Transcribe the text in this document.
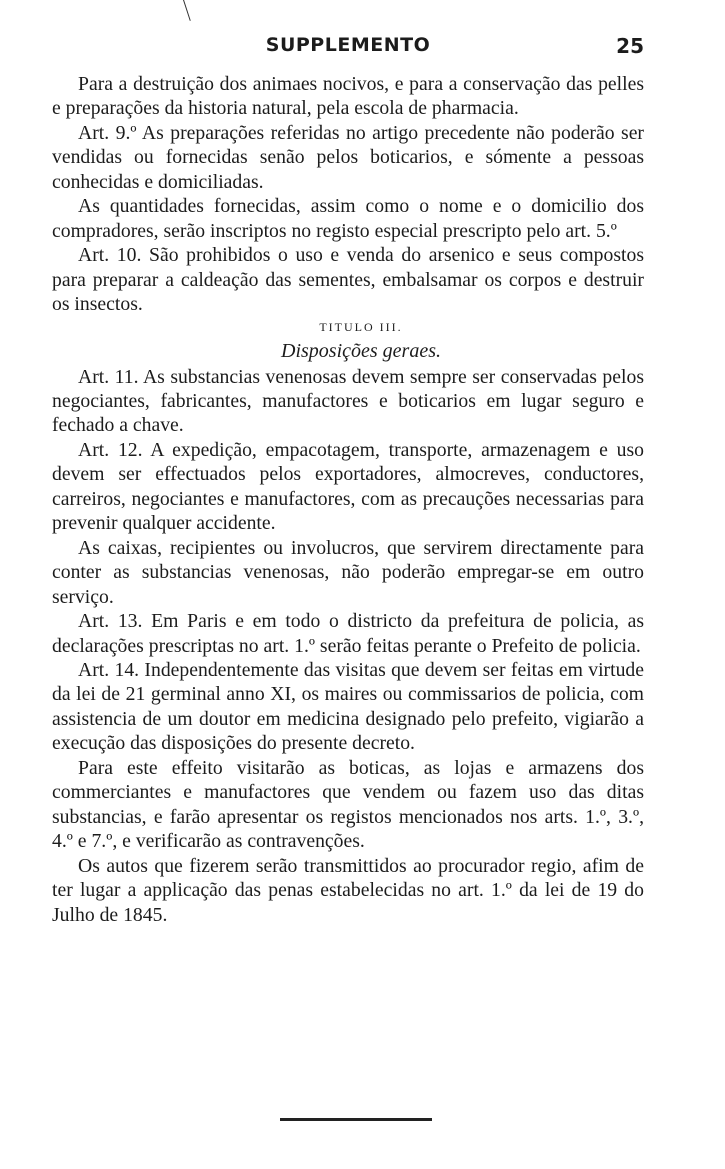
SUPPLEMENTO	25

Para a destruição dos animaes nocivos, e para a conservação das pelles e preparações da historia natural, pela escola de pharmacia.

Art. 9.º As preparações referidas no artigo precedente não poderão ser vendidas ou fornecidas senão pelos boticarios, e sómente a pessoas conhecidas e domiciliadas.

As quantidades fornecidas, assim como o nome e o domicilio dos compradores, serão inscriptos no registo especial prescripto pelo art. 5.º

Art. 10. São prohibidos o uso e venda do arsenico e seus compostos para preparar a caldeação das sementes, embalsamar os corpos e destruir os insectos.

TITULO III.

Disposições geraes.

Art. 11. As substancias venenosas devem sempre ser conservadas pelos negociantes, fabricantes, manufactores e boticarios em lugar seguro e fechado a chave.

Art. 12. A expedição, empacotagem, transporte, armazenagem e uso devem ser effectuados pelos exportadores, almocreves, conductores, carreiros, negociantes e manufactores, com as precauções necessarias para prevenir qualquer accidente.

As caixas, recipientes ou involucros, que servirem directamente para conter as substancias venenosas, não poderão empregar-se em outro serviço.

Art. 13. Em Paris e em todo o districto da prefeitura de policia, as declarações prescriptas no art. 1.º serão feitas perante o Prefeito de policia.

Art. 14. Independentemente das visitas que devem ser feitas em virtude da lei de 21 germinal anno XI, os maires ou commissarios de policia, com assistencia de um doutor em medicina designado pelo prefeito, vigiarão a execução das disposições do presente decreto.

Para este effeito visitarão as boticas, as lojas e armazens dos commerciantes e manufactores que vendem ou fazem uso das ditas substancias, e farão apresentar os registos mencionados nos arts. 1.º, 3.º, 4.º e 7.º, e verificarão as contravenções.

Os autos que fizerem serão transmittidos ao procurador regio, afim de ter lugar a applicação das penas estabelecidas no art. 1.º da lei de 19 do Julho de 1845.
